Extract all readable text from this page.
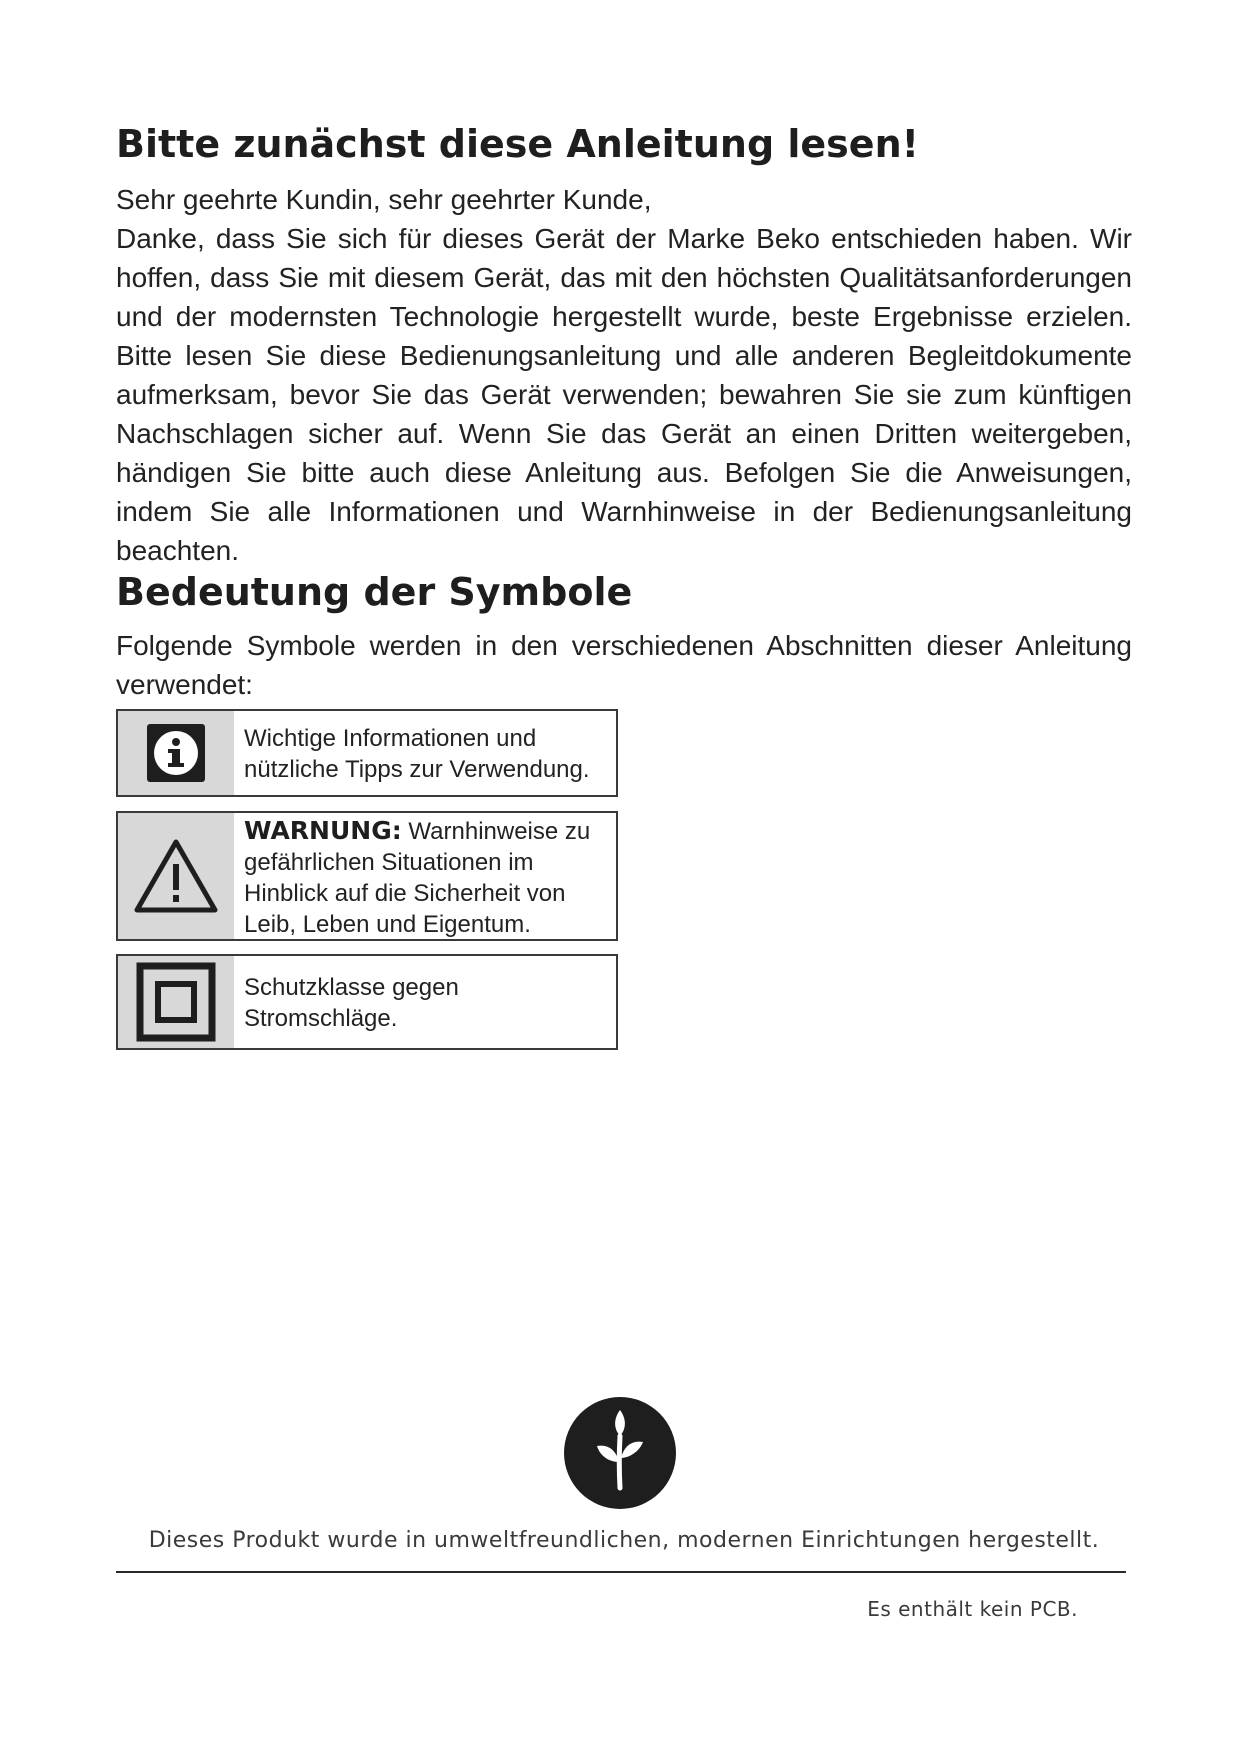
Bitte zunächst diese Anleitung lesen!

Sehr geehrte Kundin, sehr geehrter Kunde,

Danke, dass Sie sich für dieses Gerät der Marke Beko entschieden haben. Wir hoffen, dass Sie mit diesem Gerät, das mit den höchsten Qualitätsanforderungen und der modernsten Technologie hergestellt wurde, beste Ergebnisse erzielen. Bitte lesen Sie diese Bedienungsanleitung und alle anderen Begleitdokumente aufmerksam, bevor Sie das Gerät verwenden; bewahren Sie sie zum künftigen Nachschlagen sicher auf. Wenn Sie das Gerät an einen Dritten weitergeben, händigen Sie bitte auch diese Anleitung aus. Befolgen Sie die Anweisungen, indem Sie alle Informationen und Warnhinweise in der Bedienungsanleitung beachten.

Bedeutung der Symbole

Folgende Symbole werden in den verschiedenen Abschnitten dieser Anleitung verwendet:

Wichtige Informationen und nützliche Tipps zur Verwendung.
WARNUNG: Warnhinweise zu gefährlichen Situationen im Hinblick auf die Sicherheit von Leib, Leben und Eigentum.
Schutzklasse gegen Stromschläge.

Dieses Produkt wurde in umweltfreundlichen, modernen Einrichtungen hergestellt.

Es enthält kein PCB.
